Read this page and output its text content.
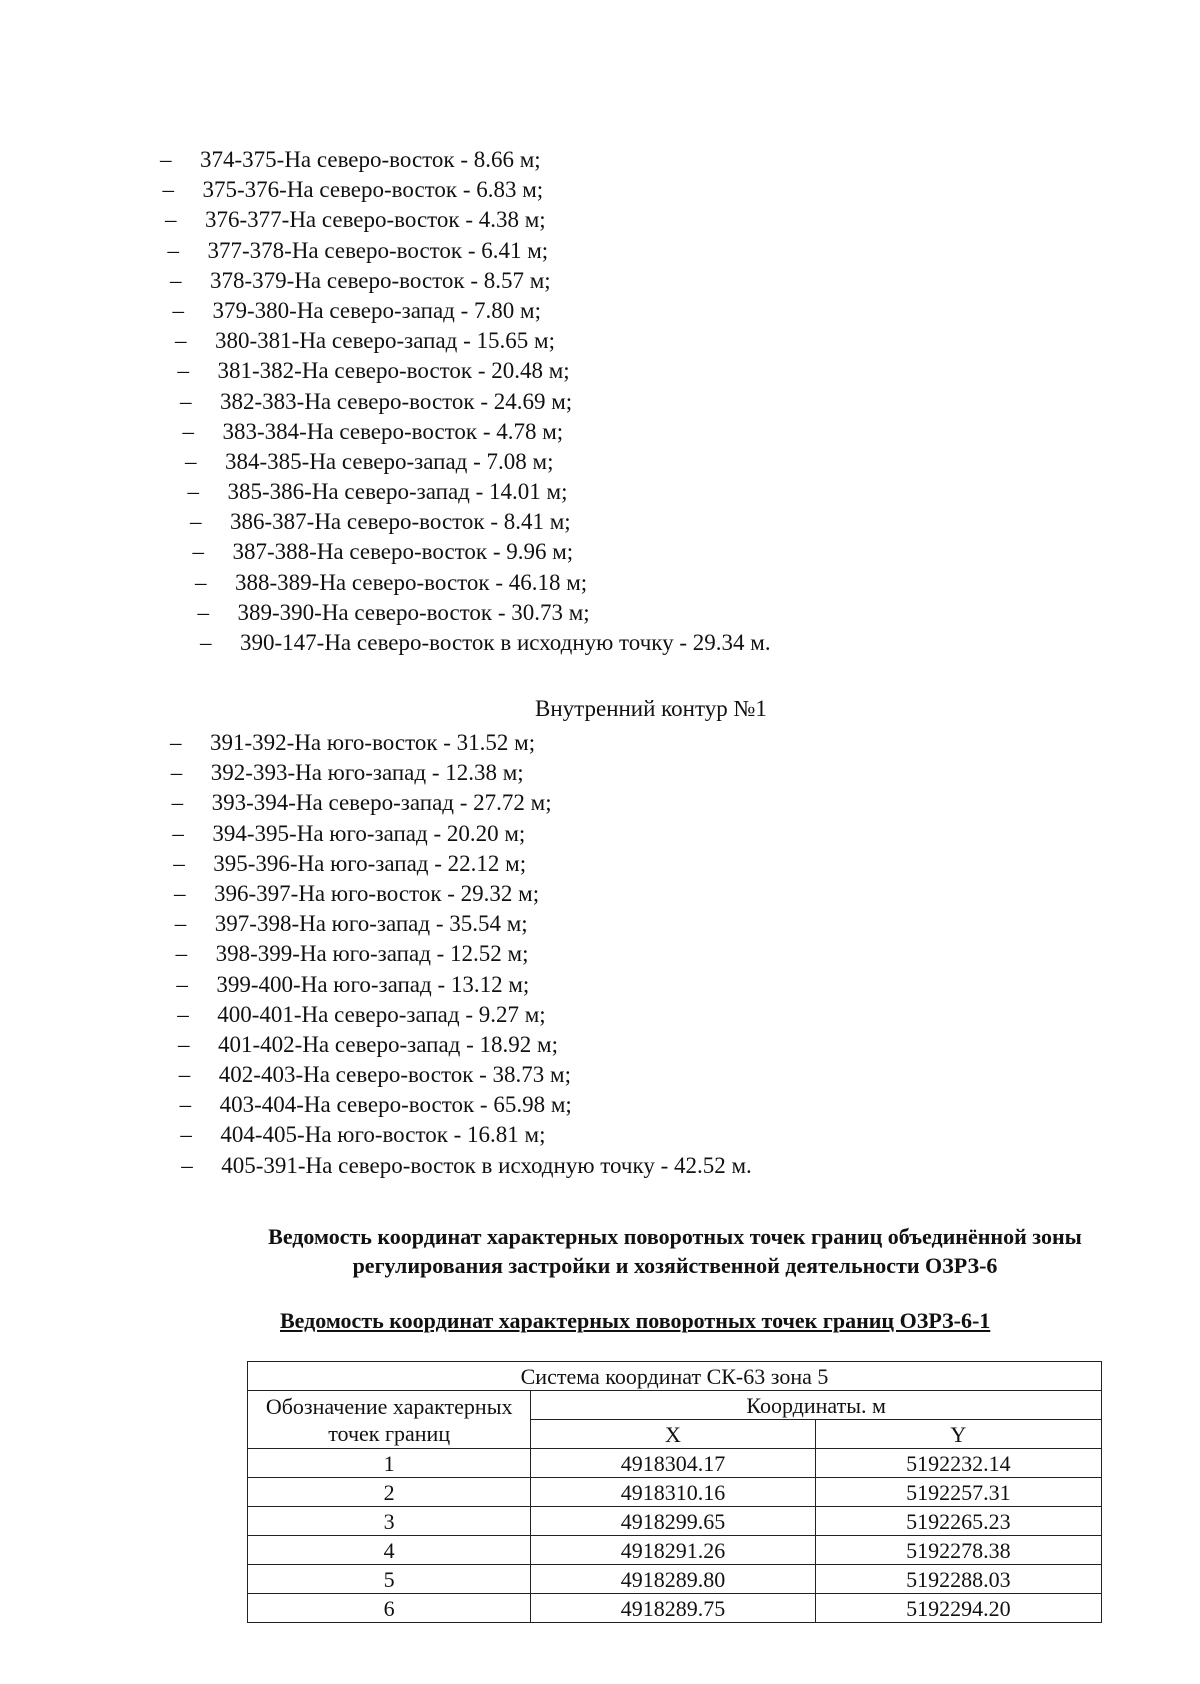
– 374-375-На северо-восток - 8.66 м;
– 375-376-На северо-восток - 6.83 м;
– 376-377-На северо-восток - 4.38 м;
– 377-378-На северо-восток - 6.41 м;
– 378-379-На северо-восток - 8.57 м;
– 379-380-На северо-запад - 7.80 м;
– 380-381-На северо-запад - 15.65 м;
– 381-382-На северо-восток - 20.48 м;
– 382-383-На северо-восток - 24.69 м;
– 383-384-На северо-восток - 4.78 м;
– 384-385-На северо-запад - 7.08 м;
– 385-386-На северо-запад - 14.01 м;
– 386-387-На северо-восток - 8.41 м;
– 387-388-На северо-восток - 9.96 м;
– 388-389-На северо-восток - 46.18 м;
– 389-390-На северо-восток - 30.73 м;
– 390-147-На северо-восток в исходную точку - 29.34 м.
Внутренний контур №1
– 391-392-На юго-восток - 31.52 м;
– 392-393-На юго-запад - 12.38 м;
– 393-394-На северо-запад - 27.72 м;
– 394-395-На юго-запад - 20.20 м;
– 395-396-На юго-запад - 22.12 м;
– 396-397-На юго-восток - 29.32 м;
– 397-398-На юго-запад - 35.54 м;
– 398-399-На юго-запад - 12.52 м;
– 399-400-На юго-запад - 13.12 м;
– 400-401-На северо-запад - 9.27 м;
– 401-402-На северо-запад - 18.92 м;
– 402-403-На северо-восток - 38.73 м;
– 403-404-На северо-восток - 65.98 м;
– 404-405-На юго-восток - 16.81 м;
– 405-391-На северо-восток в исходную точку - 42.52 м.
Ведомость координат характерных поворотных точек границ объединённой зоны регулирования застройки и хозяйственной деятельности ОЗРЗ-6
Ведомость координат характерных поворотных точек границ ОЗРЗ-6-1
Система координат СК-63 зона 5		
Обозначение характерных точек границ	Координаты. м	
	X	Y
1	4918304.17	5192232.14
2	4918310.16	5192257.31
3	4918299.65	5192265.23
4	4918291.26	5192278.38
5	4918289.80	5192288.03
6	4918289.75	5192294.20
